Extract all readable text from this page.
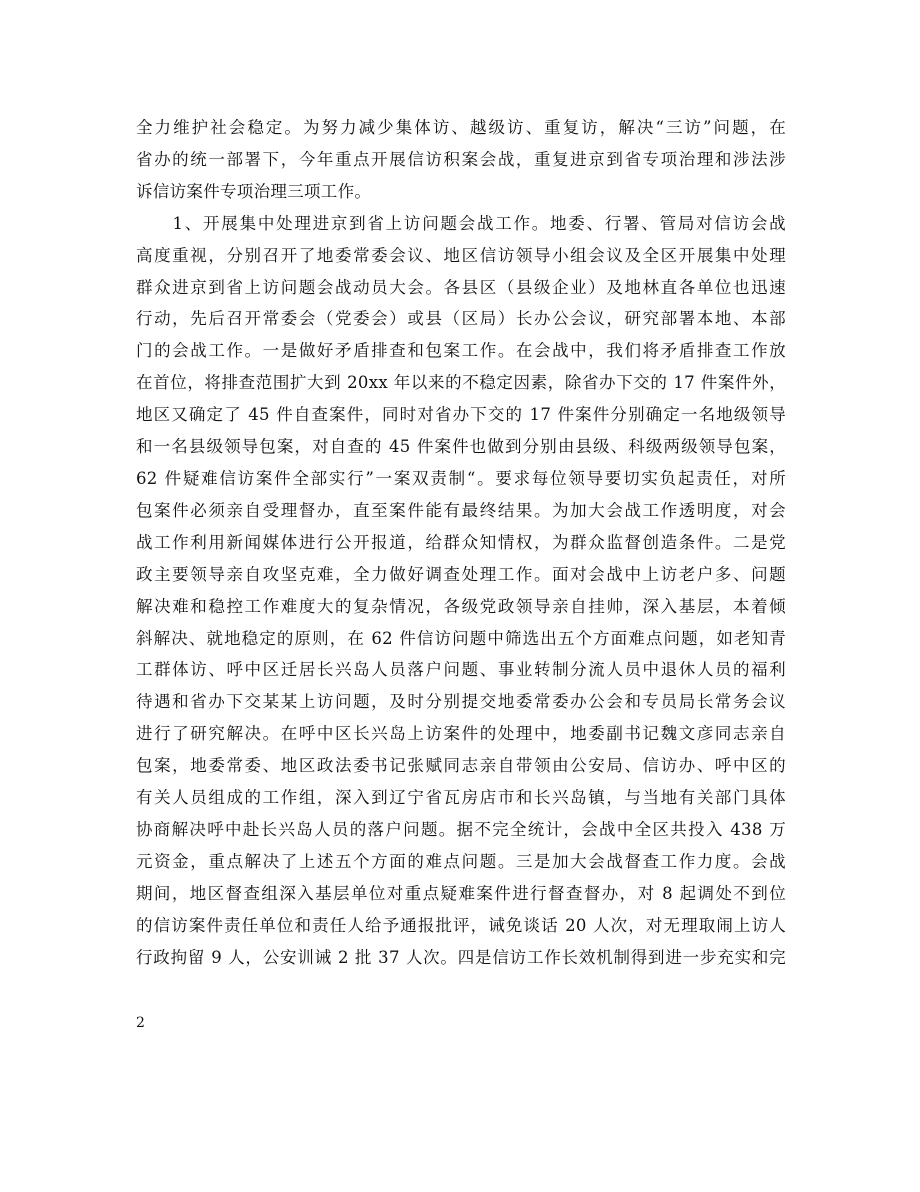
全力维护社会稳定。为努力减少集体访、越级访、重复访，解决“三访”问题，在
省办的统一部署下，今年重点开展信访积案会战，重复进京到省专项治理和涉法涉
诉信访案件专项治理三项工作。
　　1、开展集中处理进京到省上访问题会战工作。地委、行署、管局对信访会战
高度重视，分别召开了地委常委会议、地区信访领导小组会议及全区开展集中处理
群众进京到省上访问题会战动员大会。各县区（县级企业）及地林直各单位也迅速
行动，先后召开常委会（党委会）或县（区局）长办公会议，研究部署本地、本部
门的会战工作。一是做好矛盾排查和包案工作。在会战中，我们将矛盾排查工作放
在首位，将排查范围扩大到 20xx 年以来的不稳定因素，除省办下交的 17 件案件外，
地区又确定了 45 件自查案件，同时对省办下交的 17 件案件分别确定一名地级领导
和一名县级领导包案，对自查的 45 件案件也做到分别由县级、科级两级领导包案，
62 件疑难信访案件全部实行”一案双责制“。要求每位领导要切实负起责任，对所
包案件必须亲自受理督办，直至案件能有最终结果。为加大会战工作透明度，对会
战工作利用新闻媒体进行公开报道，给群众知情权，为群众监督创造条件。二是党
政主要领导亲自攻坚克难，全力做好调查处理工作。面对会战中上访老户多、问题
解决难和稳控工作难度大的复杂情况，各级党政领导亲自挂帅，深入基层，本着倾
斜解决、就地稳定的原则，在 62 件信访问题中筛选出五个方面难点问题，如老知青
工群体访、呼中区迁居长兴岛人员落户问题、事业转制分流人员中退休人员的福利
待遇和省办下交某某上访问题，及时分别提交地委常委办公会和专员局长常务会议
进行了研究解决。在呼中区长兴岛上访案件的处理中，地委副书记魏文彦同志亲自
包案，地委常委、地区政法委书记张赋同志亲自带领由公安局、信访办、呼中区的
有关人员组成的工作组，深入到辽宁省瓦房店市和长兴岛镇，与当地有关部门具体
协商解决呼中赴长兴岛人员的落户问题。据不完全统计，会战中全区共投入 438 万
元资金，重点解决了上述五个方面的难点问题。三是加大会战督查工作力度。会战
期间，地区督查组深入基层单位对重点疑难案件进行督查督办，对 8 起调处不到位
的信访案件责任单位和责任人给予通报批评，诫免谈话 20 人次，对无理取闹上访人
行政拘留 9 人，公安训诫 2 批 37 人次。四是信访工作长效机制得到进一步充实和完
2
